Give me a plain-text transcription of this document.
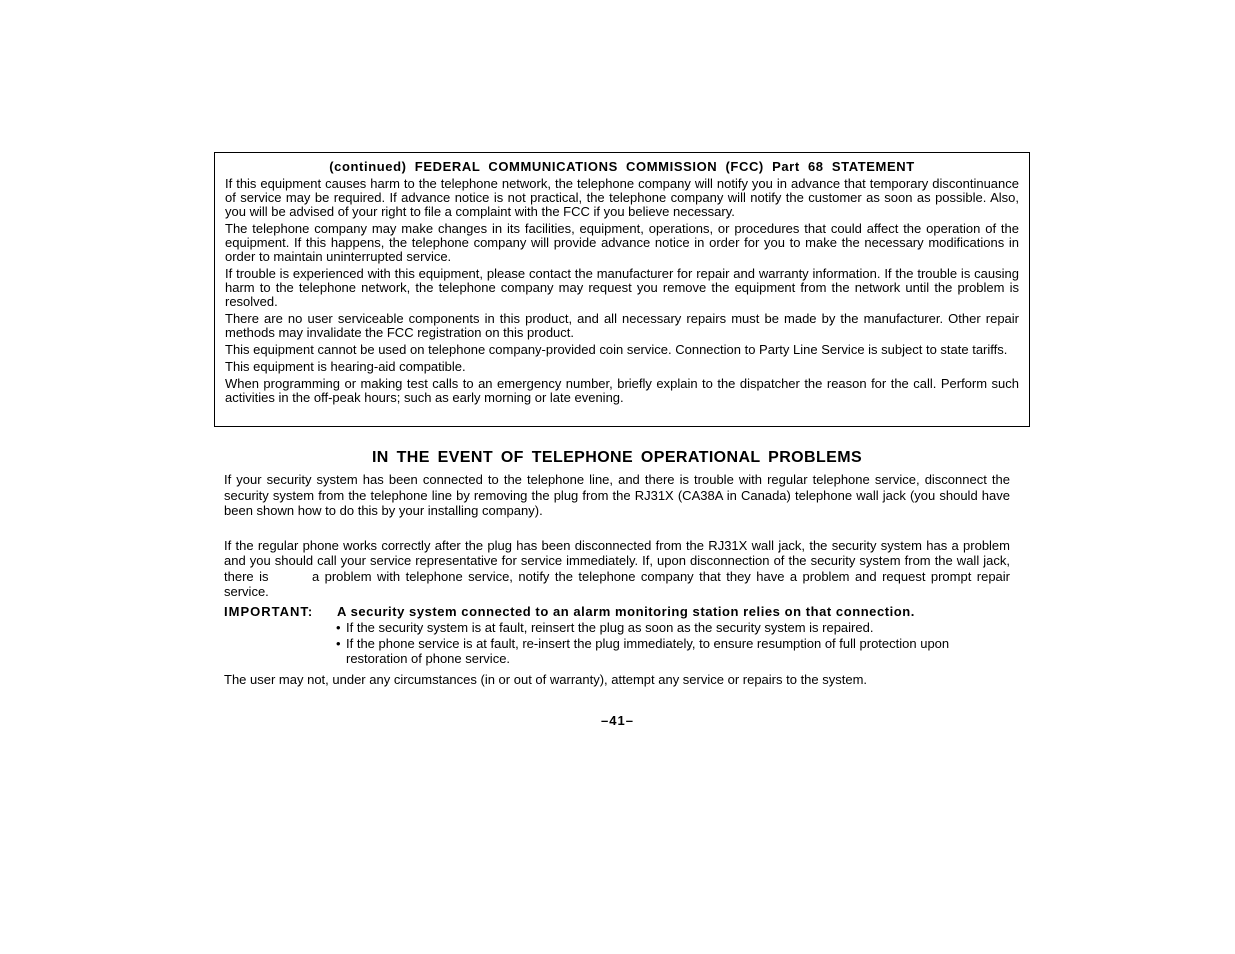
(continued) FEDERAL COMMUNICATIONS COMMISSION (FCC) Part 68 STATEMENT

If this equipment causes harm to the telephone network, the telephone company will notify you in advance that temporary discontinuance of service may be required. If advance notice is not practical, the telephone company will notify the customer as soon as possible. Also, you will be advised of your right to file a complaint with the FCC if you believe necessary.

The telephone company may make changes in its facilities, equipment, operations, or procedures that could affect the operation of the equipment. If this happens, the telephone company will provide advance notice in order for you to make the necessary modifications in order to maintain uninterrupted service.

If trouble is experienced with this equipment, please contact the manufacturer for repair and warranty information. If the trouble is causing harm to the telephone network, the telephone company may request you remove the equipment from the network until the problem is resolved.

There are no user serviceable components in this product, and all necessary repairs must be made by the manufacturer. Other repair methods may invalidate the FCC registration on this product.

This equipment cannot be used on telephone company-provided coin service. Connection to Party Line Service is subject to state tariffs.

This equipment is hearing-aid compatible.

When programming or making test calls to an emergency number, briefly explain to the dispatcher the reason for the call. Perform such activities in the off-peak hours; such as early morning or late evening.

IN THE EVENT OF TELEPHONE OPERATIONAL PROBLEMS

If your security system has been connected to the telephone line, and there is trouble with regular telephone service, disconnect the security system from the telephone line by removing the plug from the RJ31X (CA38A in Canada) telephone wall jack (you should have been shown how to do this by your installing company).

If the regular phone works correctly after the plug has been disconnected from the RJ31X wall jack, the security system has a problem and you should call your service representative for service immediately. If, upon disconnection of the security system from the wall jack, there is        a problem with telephone service, notify the telephone company that they have a problem and request prompt repair service.

IMPORTANT:	A security system connected to an alarm monitoring station relies on that connection.
• If the security system is at fault, reinsert the plug as soon as the security system is repaired.
• If the phone service is at fault, re-insert the plug immediately, to ensure resumption of full protection upon restoration of phone service.

The user may not, under any circumstances (in or out of warranty), attempt any service or repairs to the system.

–41–
